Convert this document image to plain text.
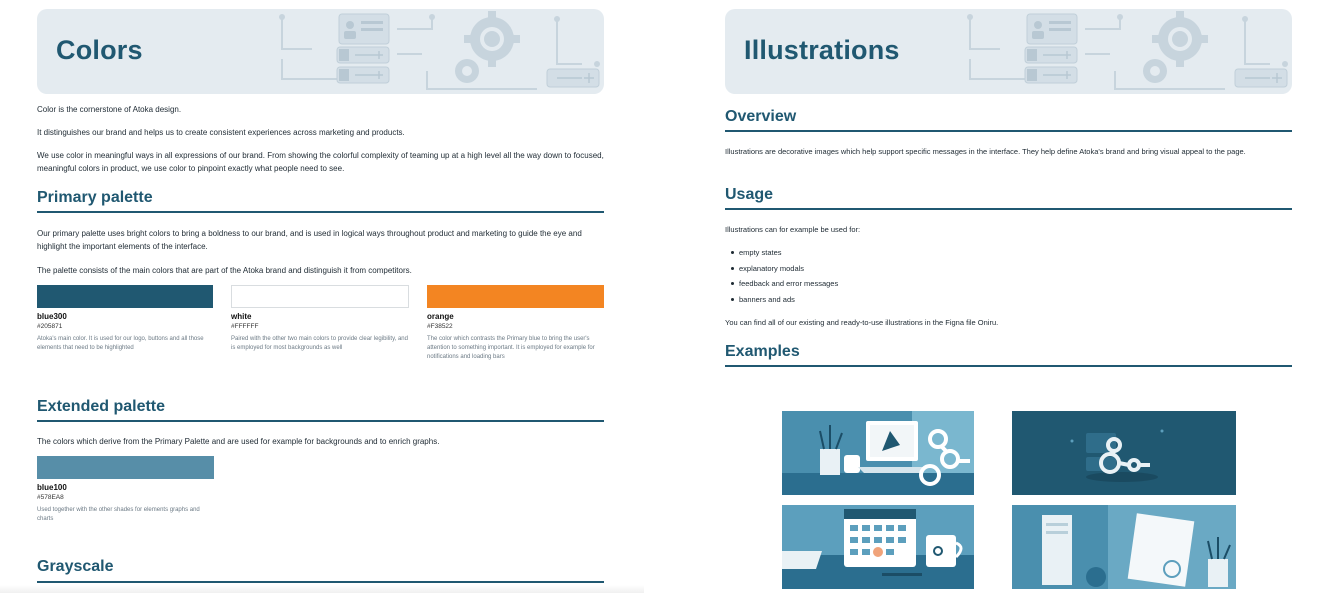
Colors
Color is the cornerstone of Atoka design.
It distinguishes our brand and helps us to create consistent experiences across marketing and products.
We use color in meaningful ways in all expressions of our brand. From showing the colorful complexity of teaming up at a high level all the way down to focused, meaningful colors in product, we use color to pinpoint exactly what people need to see.
Primary palette
Our primary palette uses bright colors to bring a boldness to our brand, and is used in logical ways throughout product and marketing to guide the eye and highlight the important elements of the interface.
The palette consists of the main colors that are part of the Atoka brand and distinguish it from competitors.
blue300
#205871
Atoka's main color. It is used for our logo, buttons and all those elements that need to be highlighted
white
#FFFFFF
Paired with the other two main colors to provide clear legibility, and is employed for most backgrounds as well
orange
#F38522
The color which contrasts the Primary blue to bring the user's attention to something important. It is employed for example for notifications and loading bars
Extended palette
The colors which derive from the Primary Palette and are used for example for backgrounds and to enrich graphs.
blue100
#578EA8
Used together with the other shades for elements graphs and charts
Grayscale
Illustrations
Overview
Illustrations are decorative images which help support specific messages in the interface. They help define Atoka's brand and bring visual appeal to the page.
Usage
Illustrations can for example be used for:
empty states
explanatory modals
feedback and error messages
banners and ads
You can find all of our existing and ready-to-use illustrations in the Figna file Oniru.
Examples
